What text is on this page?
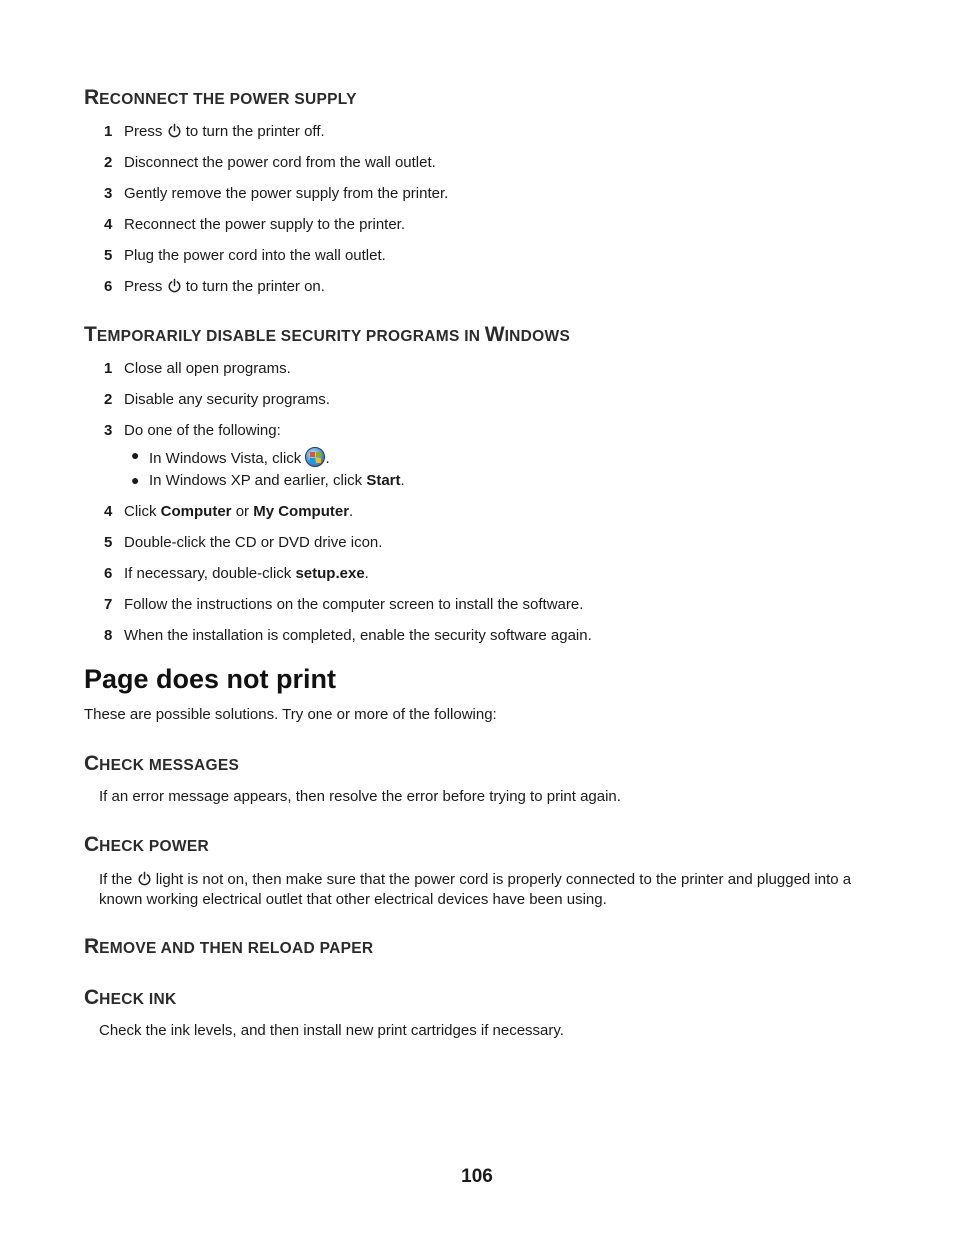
RECONNECT THE POWER SUPPLY
1 Press to turn the printer off.
2 Disconnect the power cord from the wall outlet.
3 Gently remove the power supply from the printer.
4 Reconnect the power supply to the printer.
5 Plug the power cord into the wall outlet.
6 Press to turn the printer on.
TEMPORARILY DISABLE SECURITY PROGRAMS IN WINDOWS
1 Close all open programs.
2 Disable any security programs.
3 Do one of the following:
● In Windows Vista, click .
● In Windows XP and earlier, click Start.
4 Click Computer or My Computer.
5 Double-click the CD or DVD drive icon.
6 If necessary, double-click setup.exe.
7 Follow the instructions on the computer screen to install the software.
8 When the installation is completed, enable the security software again.
Page does not print
These are possible solutions. Try one or more of the following:
CHECK MESSAGES
If an error message appears, then resolve the error before trying to print again.
CHECK POWER
If the light is not on, then make sure that the power cord is properly connected to the printer and plugged into a known working electrical outlet that other electrical devices have been using.
REMOVE AND THEN RELOAD PAPER
CHECK INK
Check the ink levels, and then install new print cartridges if necessary.
106
